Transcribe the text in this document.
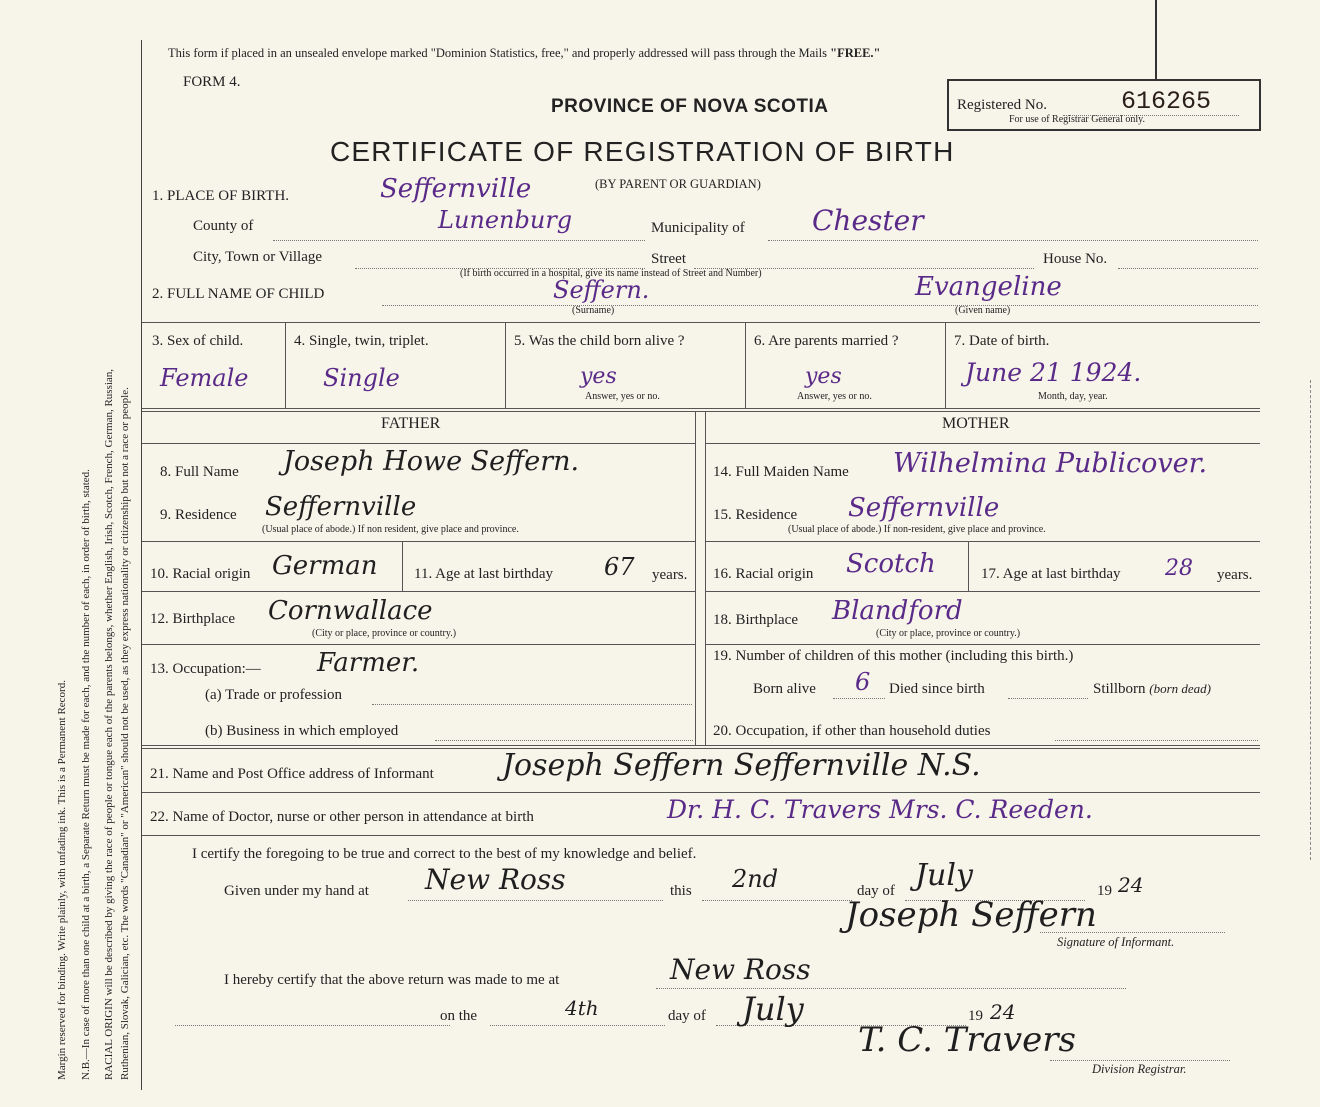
Margin reserved for binding. Write plainly, with unfading ink. This is a Permanent Record. N.B.—In case of more than one child at a birth, a Separate Return must be made for each, and the number of each, in order of birth, stated. RACIAL ORIGIN will be described by giving the race of people or tongue each of the parents belongs, whether English, Irish, Scotch, French, German, Russian, Ruthenian, Slovak, Galician, etc. The words "Canadian" or "American" should not be used, as they express nationality or citizenship but not a race or people.
This form if placed in an unsealed envelope marked "Dominion Statistics, free," and properly addressed will pass through the Mails "FREE."
FORM 4.
PROVINCE OF NOVA SCOTIA	Registered No.	616265
For use of Registrar General only.
CERTIFICATE OF REGISTRATION OF BIRTH
(BY PARENT OR GUARDIAN)
1. PLACE OF BIRTH.	Seffernville
County of	Lunenburg	Municipality of Chester
City, Town or Village	Street	House No.
(If birth occurred in a hospital, give its name instead of Street and Number)
2. FULL NAME OF CHILD	Seffern.	Evangeline
(Surname)	(Given name)
3. Sex of child.
Female
4. Single, twin, triplet.
Single
5. Was the child born alive ?
yes
Answer, yes or no.
6. Are parents married ?
yes
Answer, yes or no.
7. Date of birth.
June 21 1924.
Month, day, year.
FATHER	MOTHER
8. Full Name Joseph Howe Seffern.
9. Residence Seffernville
(Usual place of abode.) If non resident, give place and province.
10. Racial origin German 11. Age at last birthday 67 years.
12. Birthplace Cornwallace
(City or place, province or country.)
13. Occupation:— Farmer.
(a) Trade or profession
(b) Business in which employed
14. Full Maiden Name Wilhelmina Publicover.
15. Residence Seffernville
(Usual place of abode.) If non-resident, give place and province.
16. Racial origin Scotch	17. Age at last birthday 28 years.
18. Birthplace Blandford
(City or place, province or country.)
19. Number of children of this mother (including this birth.)
Born alive 6 Died since birth	Stillborn (born dead)
20. Occupation, if other than household duties
21. Name and Post Office address of Informant Joseph Seffern Seffernville N.S.
22. Name of Doctor, nurse or other person in attendance at birth	Dr. H. C. Travers Mrs. C. Reeden.
I certify the foregoing to be true and correct to the best of my knowledge and belief.
Given under my hand at New Ross	this 2nd	day of July	19 24
Joseph Seffern
Signature of Informant.
New Ross
I hereby certify that the above return was made to me at
on the	4th	day of July	19 24
T. C. Travers
Division Registrar.
